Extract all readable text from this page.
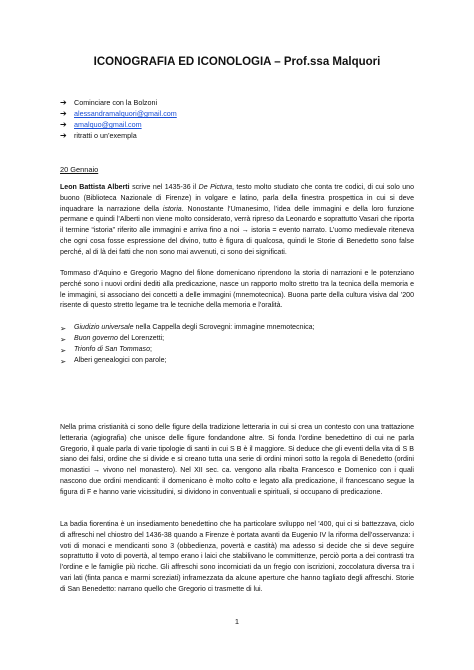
ICONOGRAFIA ED ICONOLOGIA – Prof.ssa Malquori
➔	Cominciare con la Bolzoni
➔	alessandramalquori@gmail.com
➔	amalquo@gmail.com
➔	ritratti o un’exempla
20 Gennaio
Leon Battista Alberti scrive nel 1435-36 il De Pictura, testo molto studiato che conta tre codici, di cui solo uno buono (Biblioteca Nazionale di Firenze) in volgare e latino, parla della finestra prospettica in cui si deve inquadrare la narrazione della istoria. Nonostante l’Umanesimo, l’idea delle immagini e della loro funzione permane e quindi l’Alberti non viene molto considerato, verrà ripreso da Leonardo e soprattutto Vasari che riporta il termine “istoria” riferito alle immagini e arriva fino a noi → istoria = evento narrato. L’uomo medievale riteneva che ogni cosa fosse espressione del divino, tutto è figura di qualcosa, quindi le Storie di Benedetto sono false perché, al di là dei fatti che non sono mai avvenuti, ci sono dei significati.
Tommaso d’Aquino e Gregorio Magno del filone domenicano riprendono la storia di narrazioni e le potenziano perché sono i nuovi ordini dediti alla predicazione, nasce un rapporto molto stretto tra la tecnica della memoria e le immagini, si associano dei concetti a delle immagini (mnemotecnica). Buona parte della cultura visiva dal ’200 risente di questo stretto legame tra le tecniche della memoria e l’oralità.
➢	Giudizio universale nella Cappella degli Scrovegni: immagine mnemotecnica;
➢	Buon governo del Lorenzetti;
➢	Trionfo di San Tommaso;
➢	Alberi genealogici con parole;
Nella prima cristianità ci sono delle figure della tradizione letteraria in cui si crea un contesto con una trattazione letteraria (agiografia) che unisce delle figure fondandone altre. Si fonda l’ordine benedettino di cui ne parla Gregorio, il quale parla di varie tipologie di santi in cui S B è il maggiore. Si deduce che gli eventi della vita di S B siano dei falsi, ordine che si divide e si creano tutta una serie di ordini minori sotto la regola di Benedetto (ordini monastici → vivono nel monastero). Nel XII sec. ca. vengono alla ribalta Francesco e Domenico con i quali nascono due ordini mendicanti: il domenicano è molto colto e legato alla predicazione, il francescano segue la figura di F e hanno varie vicissitudini, si dividono in conventuali e spirituali, si occupano di predicazione.
La badia fiorentina è un insediamento benedettino che ha particolare sviluppo nel ’400, qui ci si battezzava, ciclo di affreschi nel chiostro del 1436-38 quando a Firenze è portata avanti da Eugenio IV la riforma dell’osservanza: i voti di monaci e mendicanti sono 3 (obbedienza, povertà e castità) ma adesso si decide che si deve seguire soprattutto il voto di povertà, al tempo erano i laici che stabilivano le committenze, perciò porta a dei contrasti tra l’ordine e le famiglie più ricche. Gli affreschi sono incorniciati da un fregio con iscrizioni, zoccolatura diversa tra i vari lati (finta panca e marmi screziati) inframezzata da alcune aperture che hanno tagliato degli affreschi. Storie di San Benedetto: narrano quello che Gregorio ci trasmette di lui.
1
